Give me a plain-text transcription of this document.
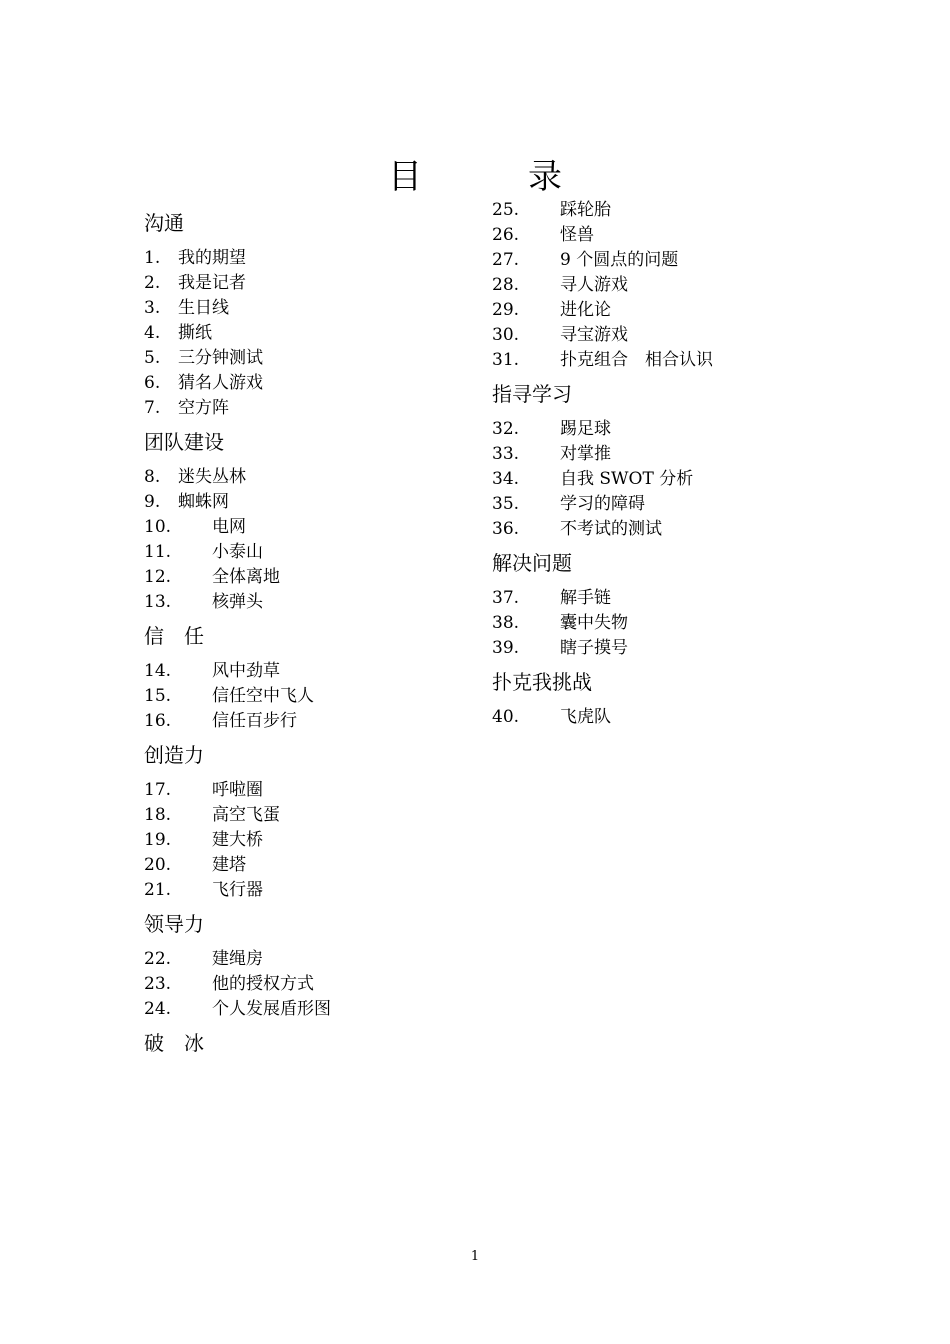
目　录
沟通
1. 我的期望
2. 我是记者
3. 生日线
4. 撕纸
5. 三分钟测试
6. 猜名人游戏
7. 空方阵
团队建设
8. 迷失丛林
9. 蜘蛛网
10. 电网
11. 小泰山
12. 全体离地
13. 核弹头
信　任
14. 风中劲草
15. 信任空中飞人
16. 信任百步行
创造力
17. 呼啦圈
18. 高空飞蛋
19. 建大桥
20. 建塔
21. 飞行器
领导力
22. 建绳房
23. 他的授权方式
24. 个人发展盾形图
破　冰
25. 踩轮胎
26. 怪兽
27. 9 个圆点的问题
28. 寻人游戏
29. 进化论
30. 寻宝游戏
31. 扑克组合　相合认识
指寻学习
32. 踢足球
33. 对掌推
34. 自我 SWOT 分析
35. 学习的障碍
36. 不考试的测试
解决问题
37. 解手链
38. 囊中失物
39. 瞎子摸号
扑克我挑战
40. 飞虎队
1
